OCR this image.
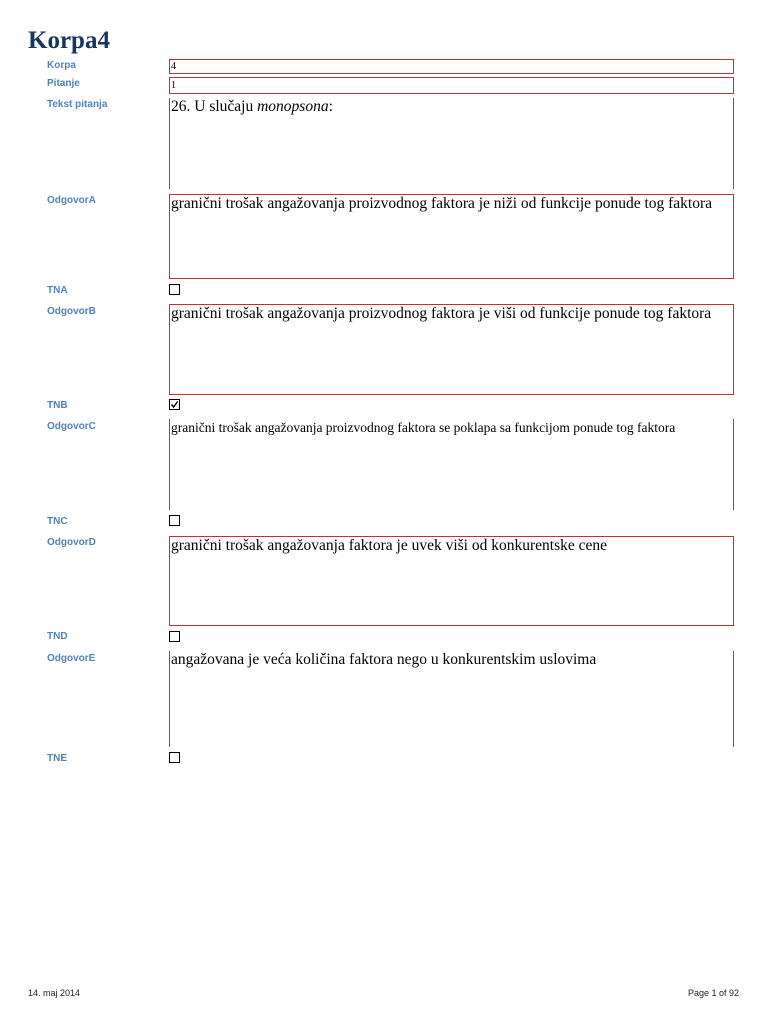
Korpa4
Korpa	4
Pitanje	1
Tekst pitanja	26. U slučaju monopsona:
OdgovorA	granični trošak angažovanja proizvodnog faktora je niži od funkcije ponude tog faktora
TNA
OdgovorB	granični trošak angažovanja proizvodnog faktora je viši od funkcije ponude tog faktora
TNB
OdgovorC	granični trošak angažovanja proizvodnog faktora se poklapa sa funkcijom ponude tog faktora
TNC
OdgovorD	granični trošak angažovanja faktora je uvek viši od konkurentske cene
TND
OdgovorE	angažovana je veća količina faktora nego u konkurentskim uslovima
TNE
14. maj 2014	Page 1 of 92
